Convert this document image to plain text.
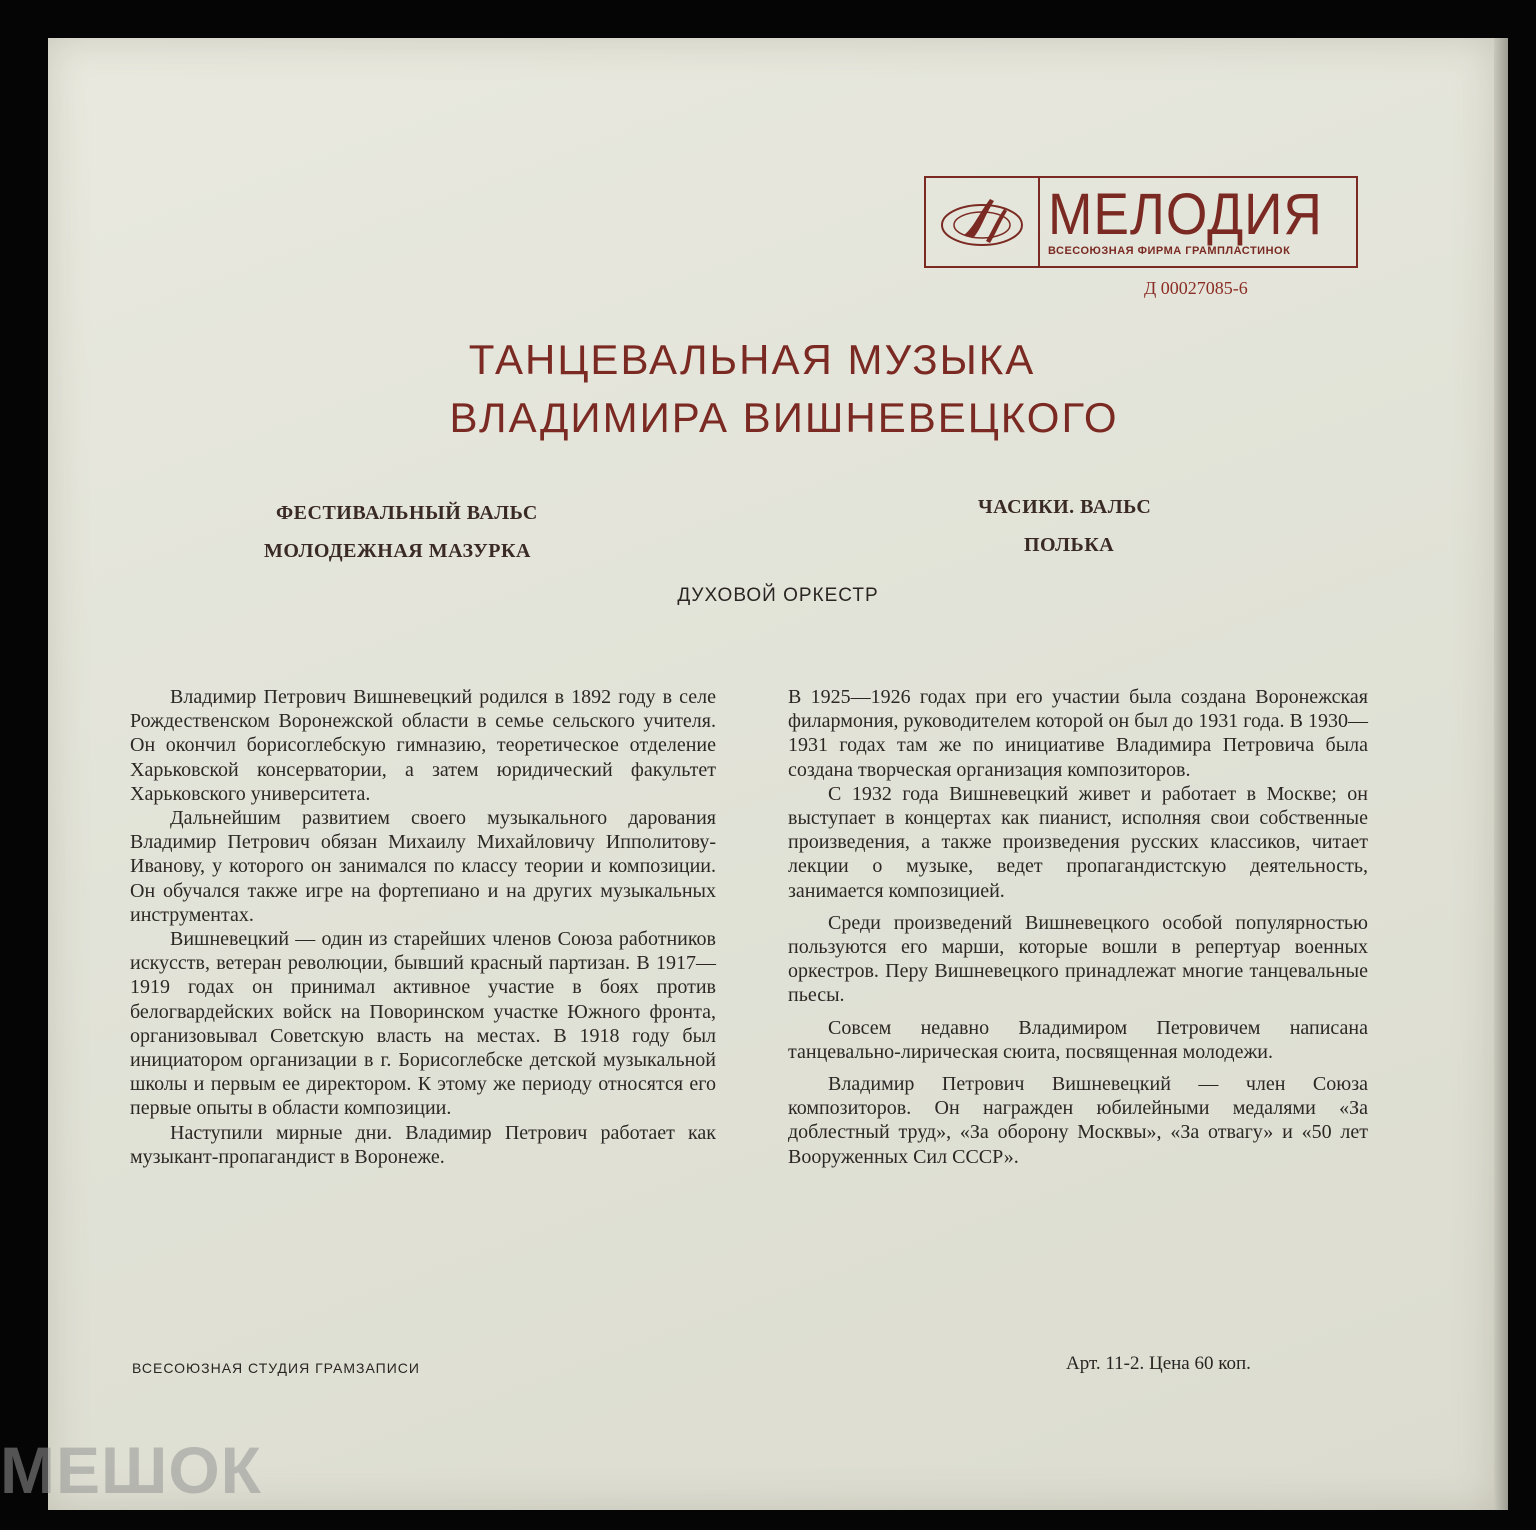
МЕЛОДИЯ
ВСЕСОЮЗНАЯ ФИРМА ГРАМПЛАСТИНОК
Д 00027085-6
ТАНЦЕВАЛЬНАЯ МУЗЫКА
ВЛАДИМИРА ВИШНЕВЕЦКОГО
ФЕСТИВАЛЬНЫЙ ВАЛЬС
МОЛОДЕЖНАЯ МАЗУРКА
ЧАСИКИ. ВАЛЬС
ПОЛЬКА
ДУХОВОЙ ОРКЕСТР

Владимир Петрович Вишневецкий родился в 1892 году в селе Рождественском Воронежской области в семье сельского учителя. Он окончил борисоглебскую гимназию, теоретическое отделение Харьковской консерватории, а затем юридический факультет Харьковского университета.

Дальнейшим развитием своего музыкального дарования Владимир Петрович обязан Михаилу Михайловичу Ипполитову-Иванову, у которого он занимался по классу теории и композиции. Он обучался также игре на фортепиано и на других музыкальных инструментах.

Вишневецкий — один из старейших членов Союза работников искусств, ветеран революции, бывший красный партизан. В 1917—1919 годах он принимал активное участие в боях против белогвардейских войск на Поворинском участке Южного фронта, организовывал Советскую власть на местах. В 1918 году был инициатором организации в г. Борисоглебске детской музыкальной школы и первым ее директором. К этому же периоду относятся его первые опыты в области композиции.

Наступили мирные дни. Владимир Петрович работает как музыкант-пропагандист в Воронеже.

В 1925—1926 годах при его участии была создана Воронежская филармония, руководителем которой он был до 1931 года. В 1930—1931 годах там же по инициативе Владимира Петровича была создана творческая организация композиторов.

С 1932 года Вишневецкий живет и работает в Москве; он выступает в концертах как пианист, исполняя свои собственные произведения, а также произведения русских классиков, читает лекции о музыке, ведет пропагандистскую деятельность, занимается композицией.

Среди произведений Вишневецкого особой популярностью пользуются его марши, которые вошли в репертуар военных оркестров. Перу Вишневецкого принадлежат многие танцевальные пьесы.

Совсем недавно Владимиром Петровичем написана танцевально-лирическая сюита, посвященная молодежи.

Владимир Петрович Вишневецкий — член Союза композиторов. Он награжден юбилейными медалями «За доблестный труд», «За оборону Москвы», «За отвагу» и «50 лет Вооруженных Сил СССР».

ВСЕСОЮЗНАЯ СТУДИЯ ГРАМЗАПИСИ	Арт. 11-2. Цена 60 коп.
МЕШОК
